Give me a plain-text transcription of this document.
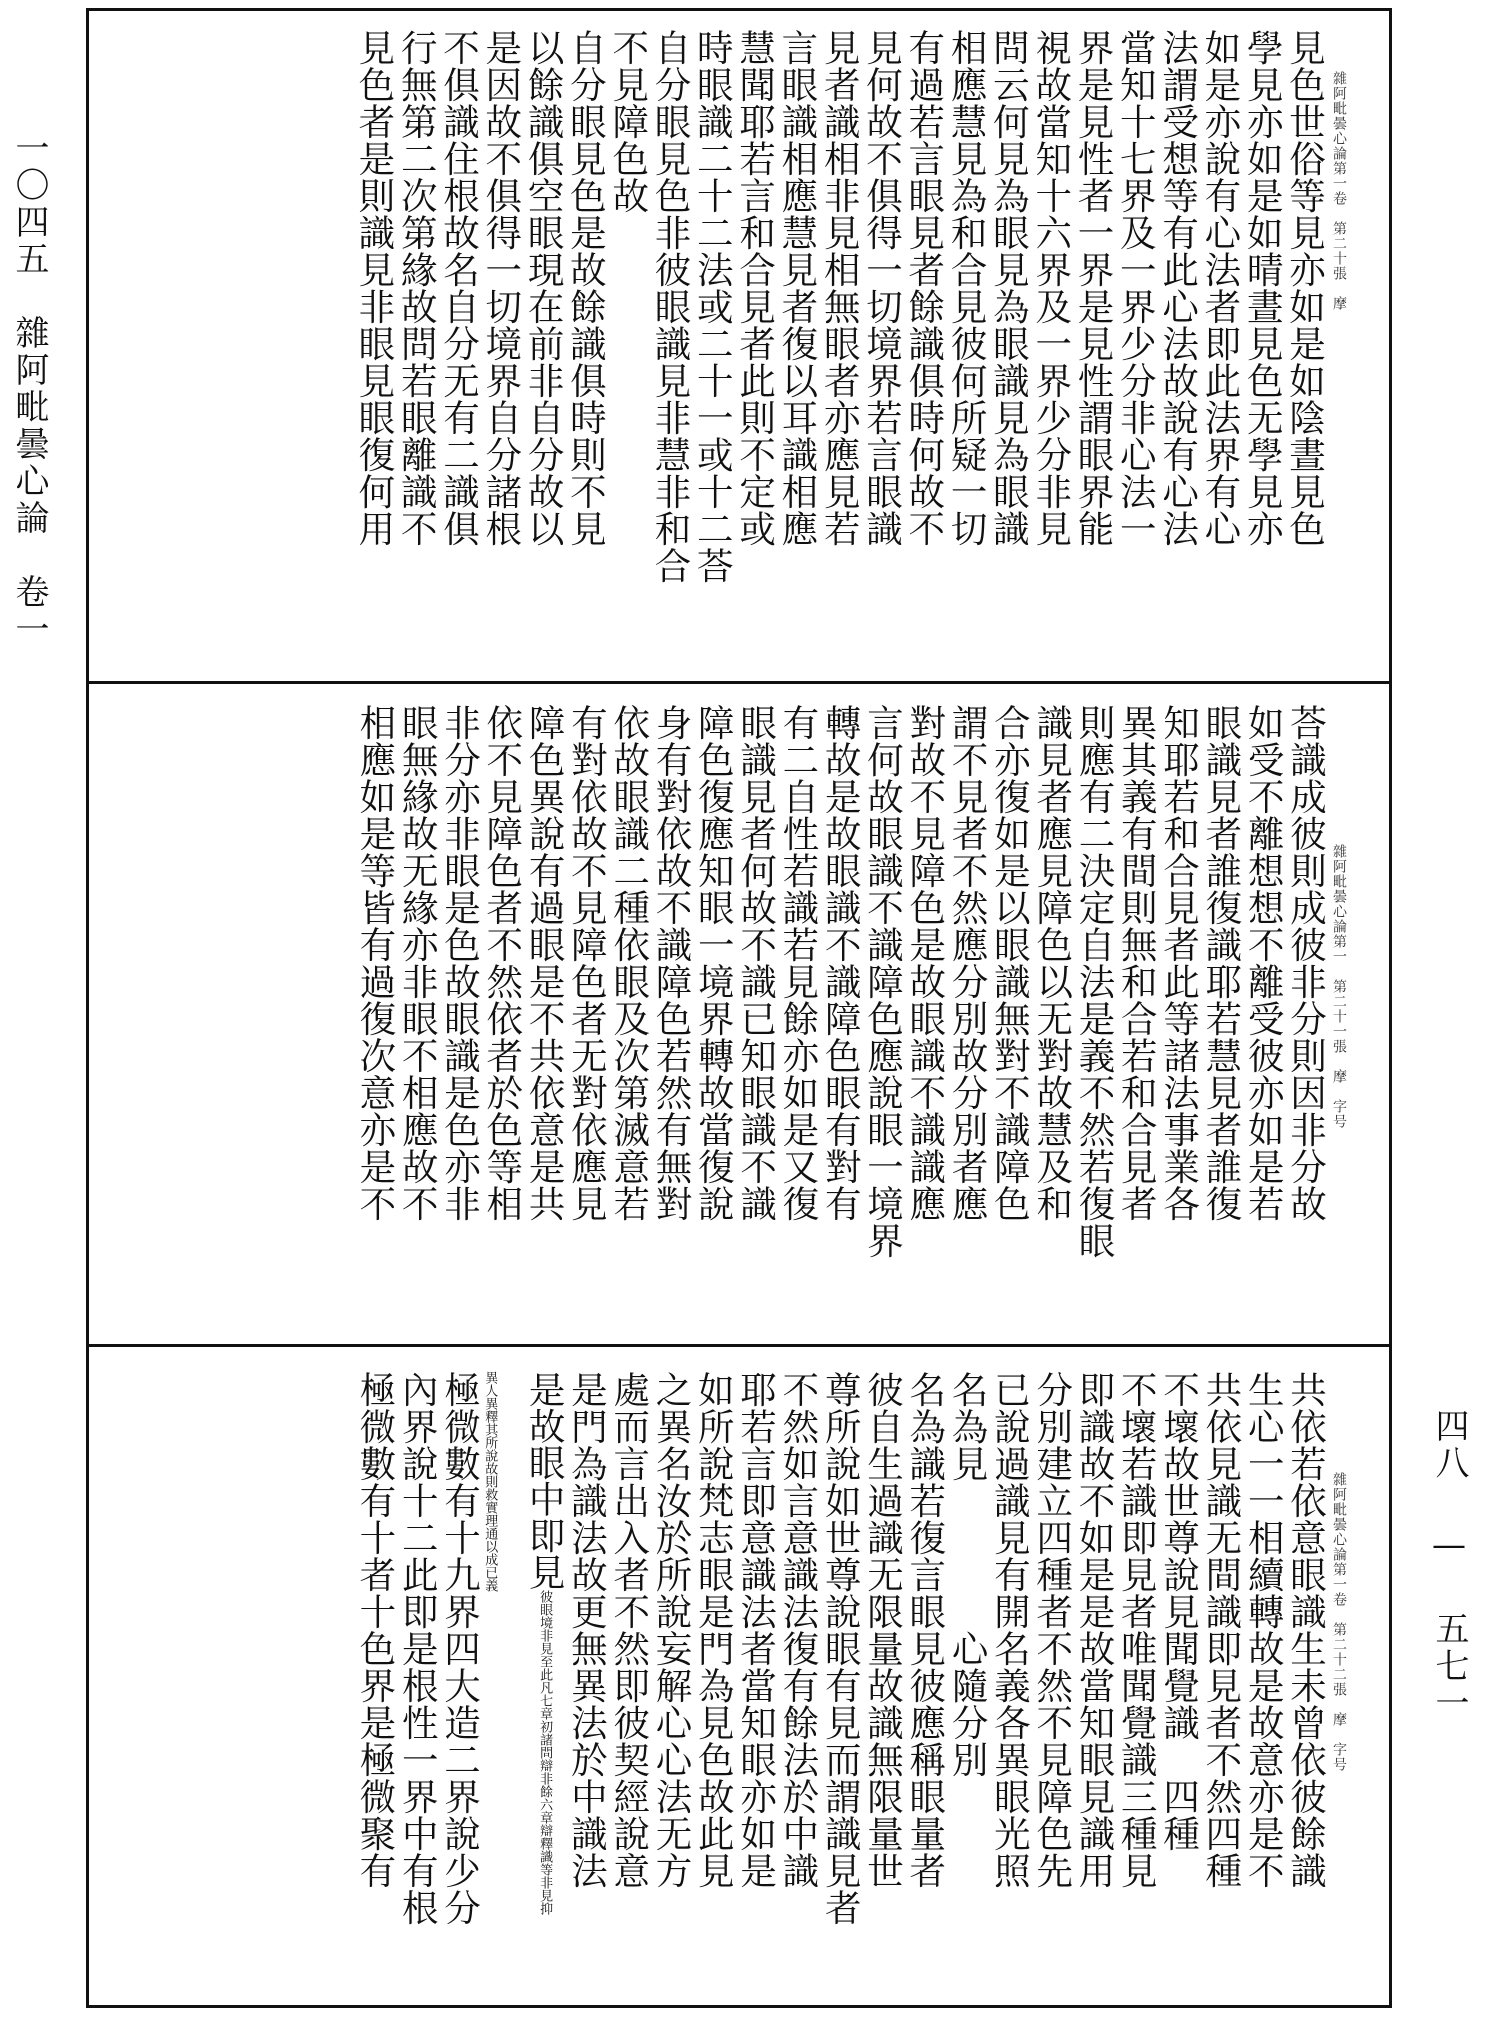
一〇四五　雜阿毗曇心論　卷一
四八 — 五七一
雜阿毗曇心論第一卷　第二十張　摩
見色世俗等見亦如是如陰晝見色
學見亦如是如晴晝見色无學見亦
如是亦說有心法者即此法界有心
法謂受想等有此心法故說有心法
當知十七界及一界少分非心法一
界是見性者一界是見性謂眼界能
視故當知十六界及一界少分非見
問云何見為眼見為眼識見為眼識
相應慧見為和合見彼何所疑一切
有過若言眼見者餘識俱時何故不
見何故不俱得一切境界若言眼識
見者識相非見相無眼者亦應見若
言眼識相應慧見者復以耳識相應
慧聞耶若言和合見者此則不定或
時眼識二十二法或二十一或十二荅
自分眼見色非彼眼識見非慧非和合
不見障色故
自分眼見色是故餘識俱時則不見
以餘識俱空眼現在前非自分故以
是因故不俱得一切境界自分諸根
不俱識住根故名自分无有二識俱
行無第二次第緣故問若眼離識不
見色者是則識見非眼見眼復何用
雜阿毗曇心論第一　第二十一張　摩　字号
荅識成彼則成彼非分則因非分故
如受不離想想不離受彼亦如是若
眼識見者誰復識耶若慧見者誰復
知耶若和合見者此等諸法事業各
異其義有間則無和合若和合見者
則應有二決定自法是義不然若復眼
識見者應見障色以无對故慧及和
合亦復如是以眼識無對不識障色
謂不見者不然應分別故分別者應
對故不見障色是故眼識不識識應
言何故眼識不識障色應說眼一境界
轉故是故眼識不識障色眼有對有
有二自性若識若見餘亦如是又復
眼識見者何故不識已知眼識不識
障色復應知眼一境界轉故當復說
身有對依故不識障色若然有無對
依故眼識二種依眼及次第滅意若
有對依故不見障色者无對依應見
障色異說有過眼是不共依意是共
依不見障色者不然依者於色等相
非分亦非眼是色故眼識是色亦非
眼無緣故无緣亦非眼不相應故不
相應如是等皆有過復次意亦是不
雜阿毗曇心論第一卷　第二十二張　摩　字号
共依若依意眼識生未曾依彼餘識
生心一一相續轉故是故意亦是不
共依見識无間識即見者不然四種
不壞故世尊說見聞覺識　四種
不壞若識即見者唯聞覺識三種見
即識故不如是是故當知眼見識用
分別建立四種者不然不見障色先
已說過識見有開名義各異眼光照
名為見　　　　心隨分別
名為識若復言眼見彼應稱眼量者
彼自生過識无限量故識無限量世
尊所說如世尊說眼有見而謂識見者
不然如言意識法復有餘法於中識
耶若言即意識法者當知眼亦如是
如所說梵志眼是門為見色故此見
之異名汝於所說妄解心心法无方
處而言出入者不然即彼契經說意
是門為識法故更無異法於中識法
是故眼中即見彼眼境非見至此凡七章初諸問辯非餘六章辯釋識等非見抑
異人異釋其所說故則救實理通以成已義
極微數有十九界四大造二界說少分
內界說十二此即是根性一界中有根
極微數有十者十色界是極微聚有
